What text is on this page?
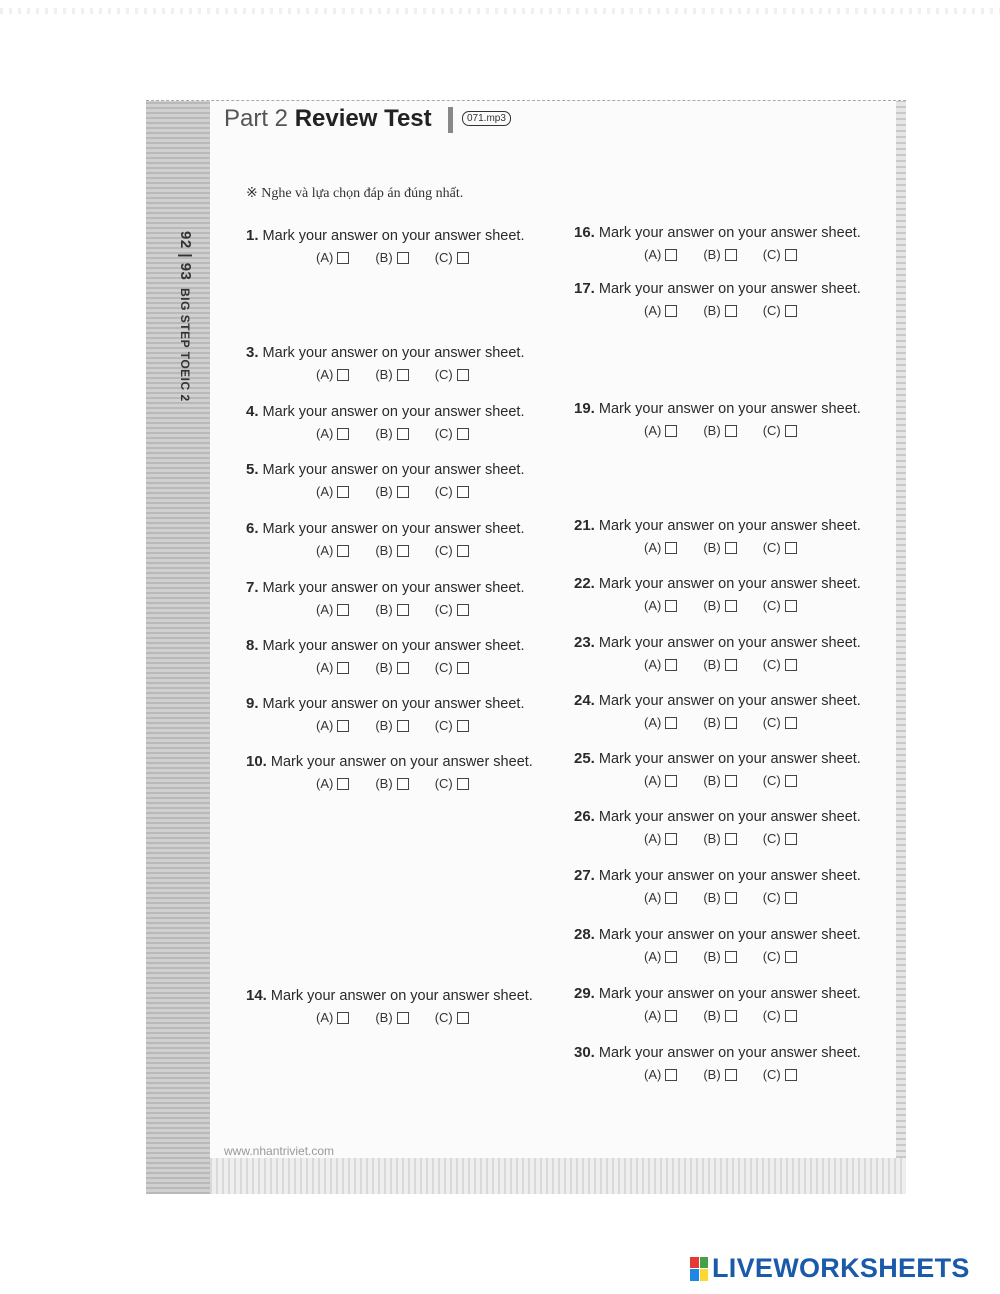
92 | 93  BIG STEP TOEIC 2
Part 2 Review Test	071.mp3
※ Nghe và lựa chọn đáp án đúng nhất.
1. Mark your answer on your answer sheet.
(A)	(B)	(C)
3. Mark your answer on your answer sheet.
(A)	(B)	(C)
4. Mark your answer on your answer sheet.
(A)	(B)	(C)
5. Mark your answer on your answer sheet.
(A)	(B)	(C)
6. Mark your answer on your answer sheet.
(A)	(B)	(C)
7. Mark your answer on your answer sheet.
(A)	(B)	(C)
8. Mark your answer on your answer sheet.
(A)	(B)	(C)
9. Mark your answer on your answer sheet.
(A)	(B)	(C)
10. Mark your answer on your answer sheet.
(A)	(B)	(C)
14. Mark your answer on your answer sheet.
(A)	(B)	(C)
16. Mark your answer on your answer sheet.
(A)	(B)	(C)
17. Mark your answer on your answer sheet.
(A)	(B)	(C)
19. Mark your answer on your answer sheet.
(A)	(B)	(C)
21. Mark your answer on your answer sheet.
(A)	(B)	(C)
22. Mark your answer on your answer sheet.
(A)	(B)	(C)
23. Mark your answer on your answer sheet.
(A)	(B)	(C)
24. Mark your answer on your answer sheet.
(A)	(B)	(C)
25. Mark your answer on your answer sheet.
(A)	(B)	(C)
26. Mark your answer on your answer sheet.
(A)	(B)	(C)
27. Mark your answer on your answer sheet.
(A)	(B)	(C)
28. Mark your answer on your answer sheet.
(A)	(B)	(C)
29. Mark your answer on your answer sheet.
(A)	(B)	(C)
30. Mark your answer on your answer sheet.
(A)	(B)	(C)
www.nhantriviet.com
LIVEWORKSHEETS
